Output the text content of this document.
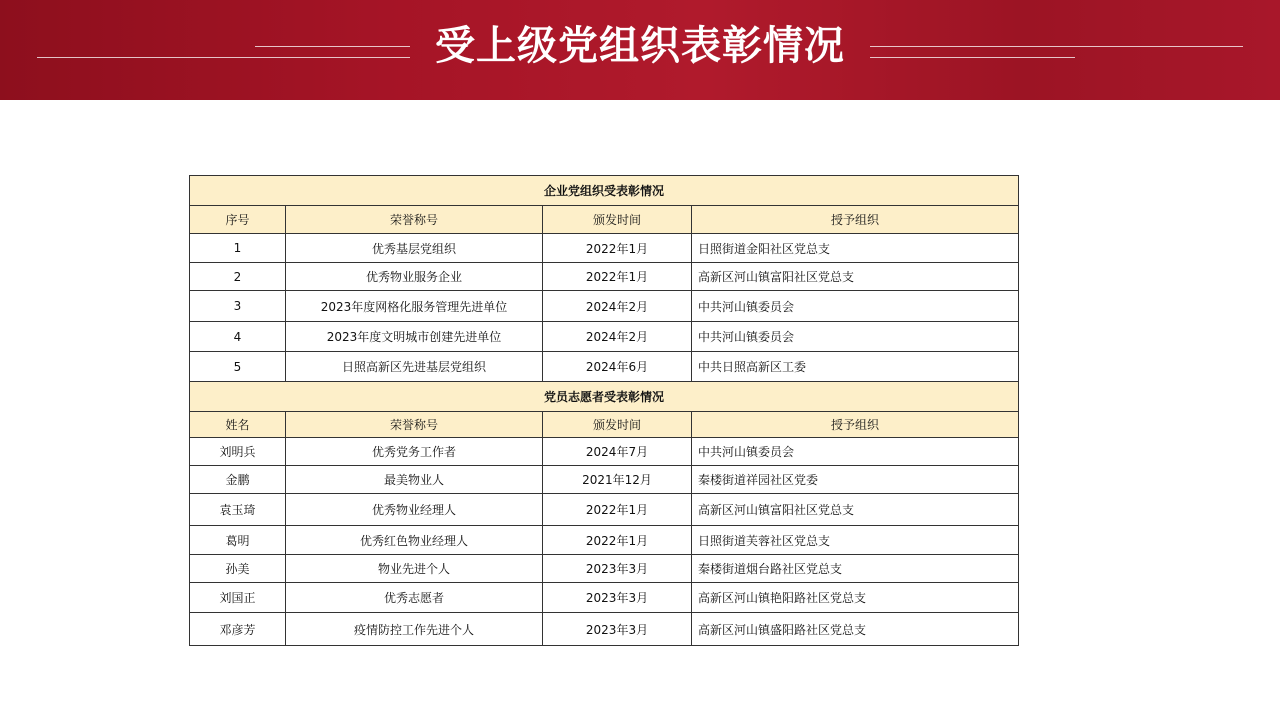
受上级党组织表彰情况
企业党组织受表彰情况			
序号	荣誉称号	颁发时间	授予组织
1	优秀基层党组织	2022年1月	日照街道金阳社区党总支
2	优秀物业服务企业	2022年1月	高新区河山镇富阳社区党总支
3	2023年度网格化服务管理先进单位	2024年2月	中共河山镇委员会
4	2023年度文明城市创建先进单位	2024年2月	中共河山镇委员会
5	日照高新区先进基层党组织	2024年6月	中共日照高新区工委
党员志愿者受表彰情况			
姓名	荣誉称号	颁发时间	授予组织
刘明兵	优秀党务工作者	2024年7月	中共河山镇委员会
金鹏	最美物业人	2021年12月	秦楼街道祥园社区党委
袁玉琦	优秀物业经理人	2022年1月	高新区河山镇富阳社区党总支
葛明	优秀红色物业经理人	2022年1月	日照街道芙蓉社区党总支
孙美	物业先进个人	2023年3月	秦楼街道烟台路社区党总支
刘国正	优秀志愿者	2023年3月	高新区河山镇艳阳路社区党总支
邓彦芳	疫情防控工作先进个人	2023年3月	高新区河山镇盛阳路社区党总支
